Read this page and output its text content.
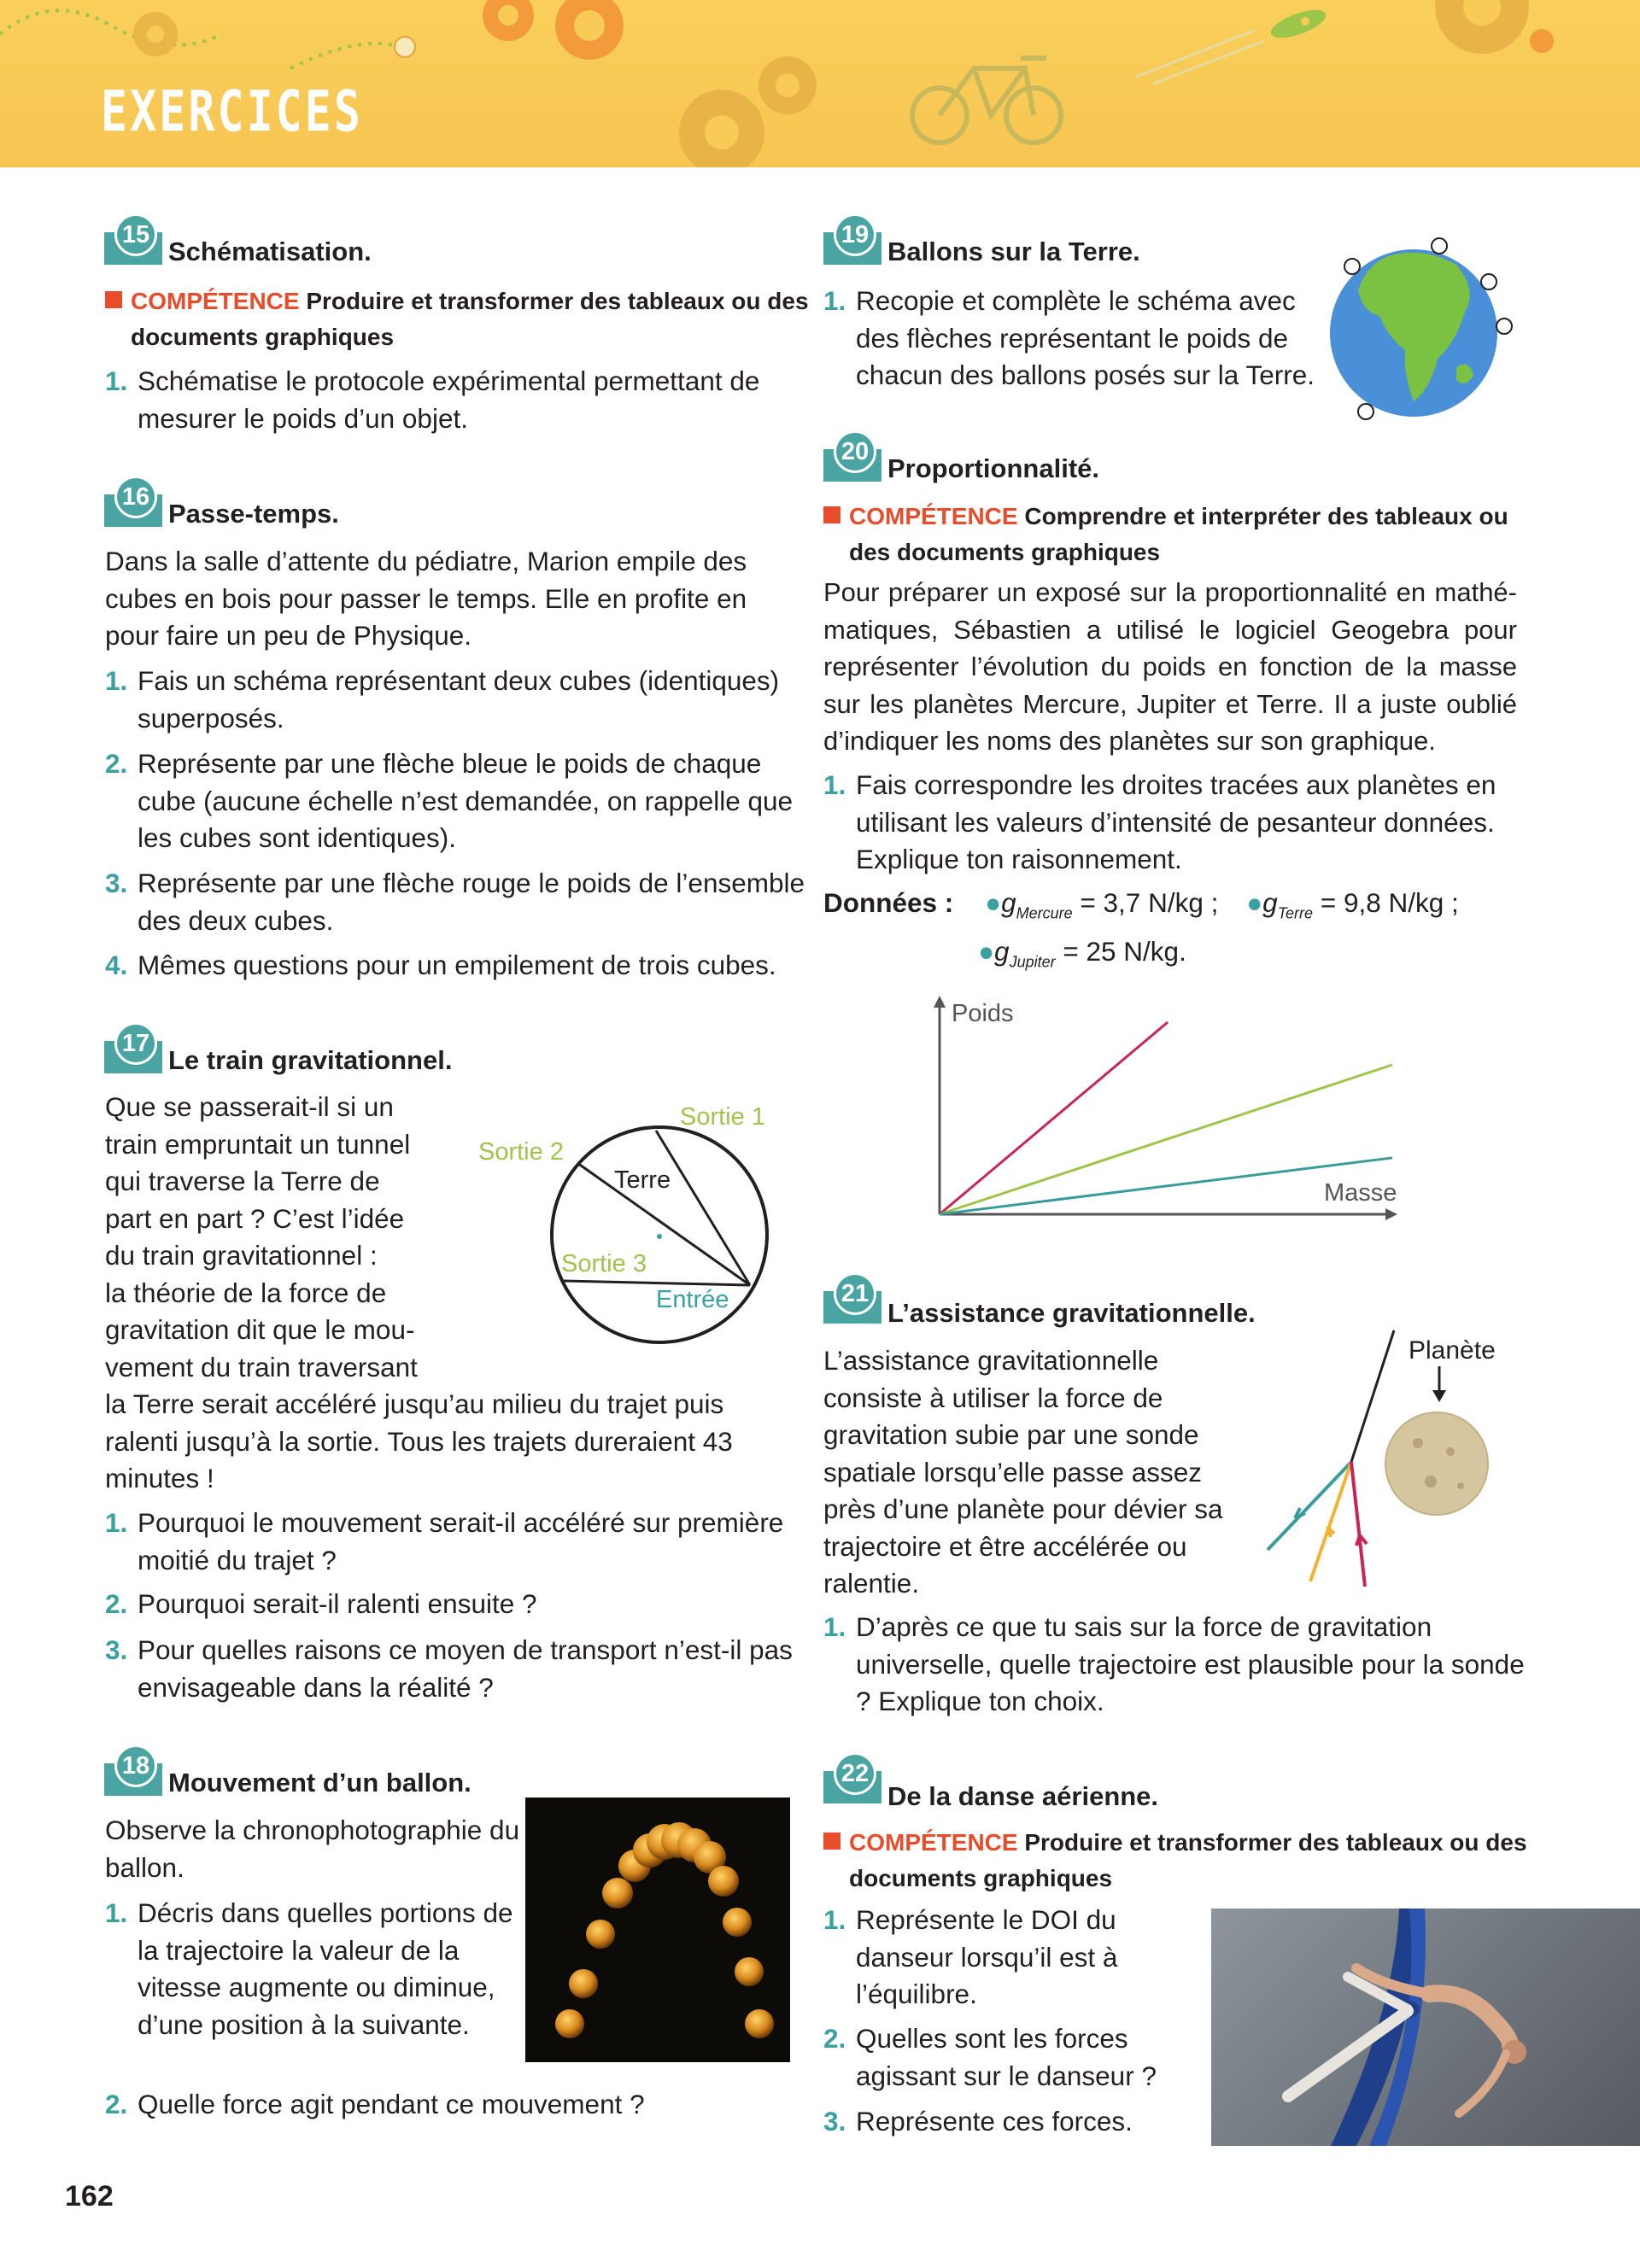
EXERCICES
15
Schématisation.
COMPÉTENCE Produire et transformer des tableaux ou des documents graphiques
1. Schématise le protocole expérimental permettant de mesurer le poids d’un objet.
16
Passe-temps.
Dans la salle d’attente du pédiatre, Marion empile des cubes en bois pour passer le temps. Elle en profite en pour faire un peu de Physique.
1. Fais un schéma représentant deux cubes (identiques) superposés.
2. Représente par une flèche bleue le poids de chaque cube (aucune échelle n’est demandée, on rappelle que les cubes sont identiques).
3. Représente par une flèche rouge le poids de l’ensemble des deux cubes.
4. Mêmes questions pour un empilement de trois cubes.
17
Le train gravitationnel.
Que se passerait-il si un
train empruntait un tunnel
qui traverse la Terre de
part en part ? C’est l’idée
du train gravitationnel :
la théorie de la force de
gravitation dit que le mou-
vement du train traversant
la Terre serait accéléré jusqu’au milieu du trajet puis ralenti jusqu’à la sortie. Tous les trajets dureraient 43 minutes !
Sortie 1
Sortie 2
Terre
Sortie 3
Entrée
1. Pourquoi le mouvement serait-il accéléré sur première moitié du trajet ?
2. Pourquoi serait-il ralenti ensuite ?
3. Pour quelles raisons ce moyen de transport n’est-il pas envisageable dans la réalité ?
18
Mouvement d’un ballon.
Observe la chronophotographie du ballon.
1. Décris dans quelles portions de la trajectoire la valeur de la vitesse augmente ou diminue, d’une position à la suivante.
2. Quelle force agit pendant ce mouvement ?
19
Ballons sur la Terre.
1. Recopie et complète le schéma avec des flèches représentant le poids de chacun des ballons posés sur la Terre.
20
Proportionnalité.
COMPÉTENCE Comprendre et interpréter des tableaux ou des documents graphiques
Pour préparer un exposé sur la proportionnalité en mathé-matiques, Sébastien a utilisé le logiciel Geogebra pour représenter l’évolution du poids en fonction de la masse sur les planètes Mercure, Jupiter et Terre. Il a juste oublié d’indiquer les noms des planètes sur son graphique.
1. Fais correspondre les droites tracées aux planètes en utilisant les valeurs d’intensité de pesanteur données. Explique ton raisonnement.
Données : $●g_{Mercure} = 3,7$ N/kg ; $●g_{Terre} = 9,8$ N/kg ;
$●g_{Jupiter} = 25$ N/kg.
Poids
Masse
21
L’assistance gravitationnelle.
L’assistance gravitationnelle
consiste à utiliser la force de
gravitation subie par une sonde
spatiale lorsqu’elle passe assez
près d’une planète pour dévier sa
trajectoire et être accélérée ou
ralentie.
Planète
1. D’après ce que tu sais sur la force de gravitation universelle, quelle trajectoire est plausible pour la sonde ? Explique ton choix.
22
De la danse aérienne.
COMPÉTENCE Produire et transformer des tableaux ou des documents graphiques
1. Représente le DOI du danseur lorsqu’il est à l’équilibre.
2. Quelles sont les forces agissant sur le danseur ?
3. Représente ces forces.
162
